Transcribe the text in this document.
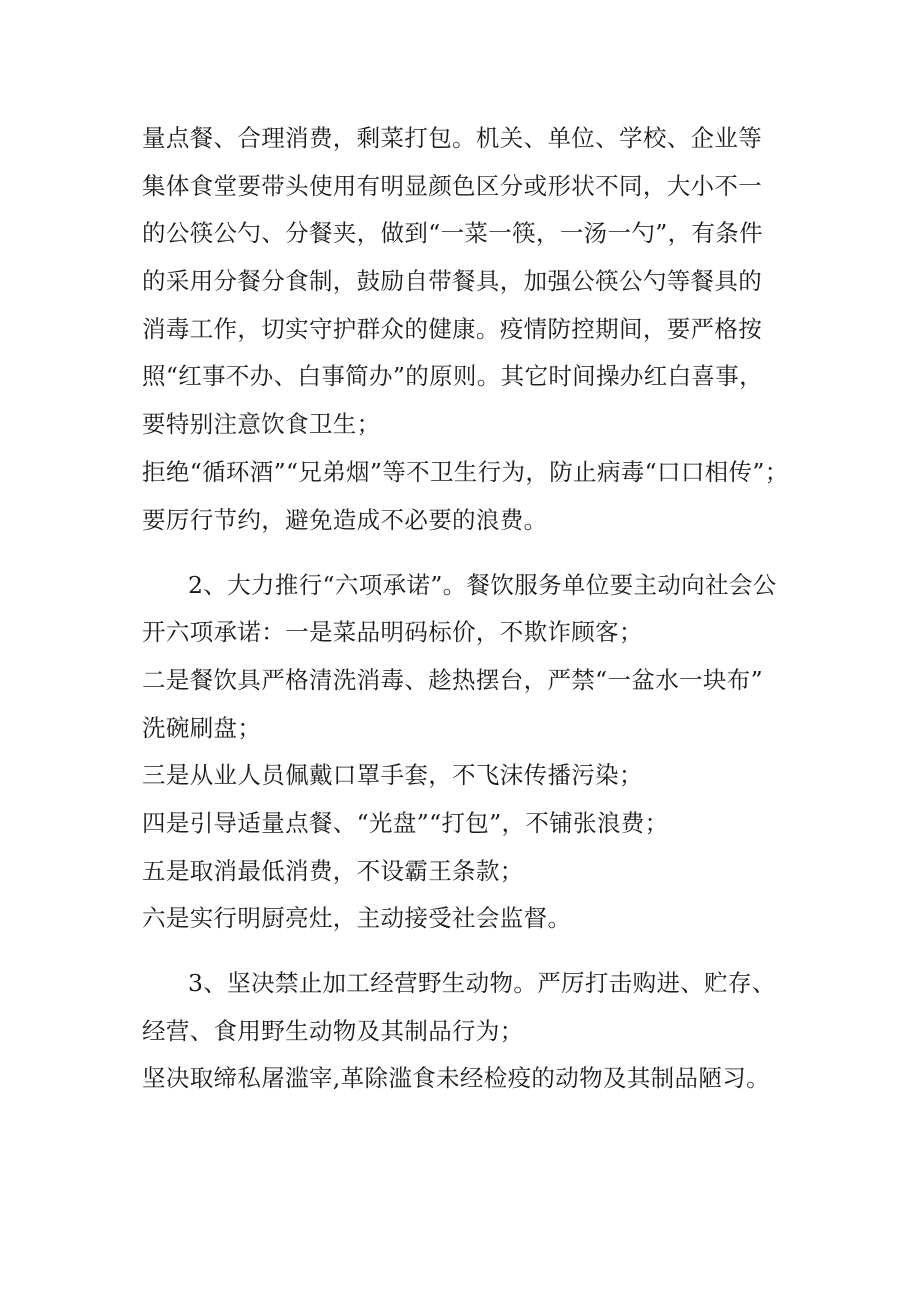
量点餐、合理消费，剩菜打包。机关、单位、学校、企业等
集体食堂要带头使用有明显颜色区分或形状不同，大小不一
的公筷公勺、分餐夹，做到“一菜一筷，一汤一勺”，有条件
的采用分餐分食制，鼓励自带餐具，加强公筷公勺等餐具的
消毒工作，切实守护群众的健康。疫情防控期间，要严格按
照“红事不办、白事简办”的原则。其它时间操办红白喜事，
要特别注意饮食卫生；
拒绝“循环酒”“兄弟烟”等不卫生行为，防止病毒“口口相传”；
要厉行节约，避免造成不必要的浪费。
2、大力推行“六项承诺”。餐饮服务单位要主动向社会公
开六项承诺：一是菜品明码标价，不欺诈顾客；
二是餐饮具严格清洗消毒、趁热摆台，严禁“一盆水一块布”
洗碗刷盘；
三是从业人员佩戴口罩手套，不飞沫传播污染；
四是引导适量点餐、“光盘”“打包”，不铺张浪费；
五是取消最低消费，不设霸王条款；
六是实行明厨亮灶，主动接受社会监督。
3、坚决禁止加工经营野生动物。严厉打击购进、贮存、
经营、食用野生动物及其制品行为；
坚决取缔私屠滥宰,革除滥食未经检疫的动物及其制品陋习。
